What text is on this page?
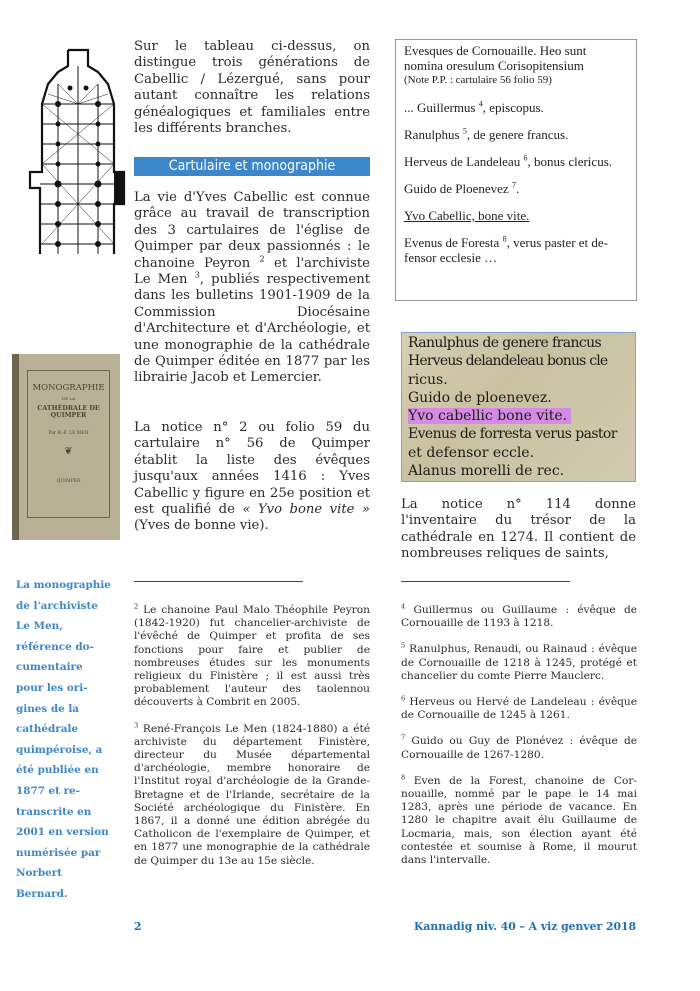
MONOGRAPHIE
DE LA
CATHÉDRALE DE QUIMPER
Par R.-F. LE MEN
❦
QUIMPER
La monographie de l'archiviste Le Men, référence documentaire pour les origines de la cathédrale quimpéroise, a été publiée en 1877 et retranscrite en 2001 en version numérisée par Norbert Bernard.
Sur le tableau ci-dessus, on distingue trois générations de Cabellic / Lézergué, sans pour autant connaître les relations généalogiques et familiales entre les différents branches.
Cartulaire et monographie

La vie d'Yves Cabellic est connue grâce au travail de transcription des 3 cartulaires de l'église de Quimper par deux passionnés : le chanoine Peyron $^2$ et l'archiviste Le Men $^3$, publiés respectivement dans les bulletins 1901-1909 de la Commission Diocésaine d'Architecture et d'Archéologie, et une monographie de la cathédrale de Quimper éditée en 1877 par les librairie Jacob et Lemercier.

La notice n° 2 ou folio 59 du cartulaire n° 56 de Quimper établit la liste des évêques jusqu'aux années 1416 : Yves Cabellic y figure en 25e position et est qualifié de « Yvo bone vite » (Yves de bonne vie).

Evesques de Cornouaille. Heo sunt nomina oresulum Corisopitensium

(Note P.P. : cartulaire 56 folio 59)

... Guillermus $^4$, episcopus.

Ranulphus $^5$, de genere francus.

Herveus de Landeleau $^6$, bonus clericus.

Guido de Ploenevez $^7$.

Yvo Cabellic, bone vite.

Evenus de Foresta $^8$, verus paster et defensor ecclesie …

Ranulphus de genere francus
Herveus delandeleau bonus cle
ricus.
Guido de ploenevez.
Yvo cabellic bone vite.
Evenus de forresta verus pastor
et defensor eccle.
Alanus morelli de rec.
La notice n° 114 donne l'inventaire du trésor de la cathédrale en 1274. Il contient de nombreuses reliques de saints,

$^2$ Le chanoine Paul Malo Théophile Peyron (1842-1920) fut chancelier-archiviste de l'évêché de Quimper et profita de ses fonctions pour faire et publier de nombreuses études sur les monuments religieux du Finistère ; il est aussi très probablement l'auteur des taolennou découverts à Combrit en 2005.

$^3$ René-François Le Men (1824-1880) a été archiviste du département Finistère, directeur du Musée départemental d'archéologie, membre honoraire de l'Institut royal d'archéologie de la Grande-Bretagne et de l'Irlande, secrétaire de la Société archéologique du Finistère. En 1867, il a donné une édition abrégée du Catholicon de l'exemplaire de Quimper, et en 1877 une monographie de la cathédrale de Quimper du 13e au 15e siècle.

$^4$ Guillermus ou Guillaume : évêque de Cornouaille de 1193 à 1218.

$^5$ Ranulphus, Renaudi, ou Rainaud : évêque de Cornouaille de 1218 à 1245, protégé et chancelier du comte Pierre Mauclerc.

$^6$ Herveus ou Hervé de Landeleau : évêque de Cornouaille de 1245 à 1261.

$^7$ Guido ou Guy de Plonévez : évêque de Cornouaille de 1267-1280.

$^8$ Even de la Forest, chanoine de Cornouaille, nommé par le pape le 14 mai 1283, après une période de vacance. En 1280 le chapitre avait élu Guillaume de Locmaria, mais, son élection ayant été contestée et soumise à Rome, il mourut dans l'intervalle.

2	Kannadig niv. 40 – A viz genver 2018
